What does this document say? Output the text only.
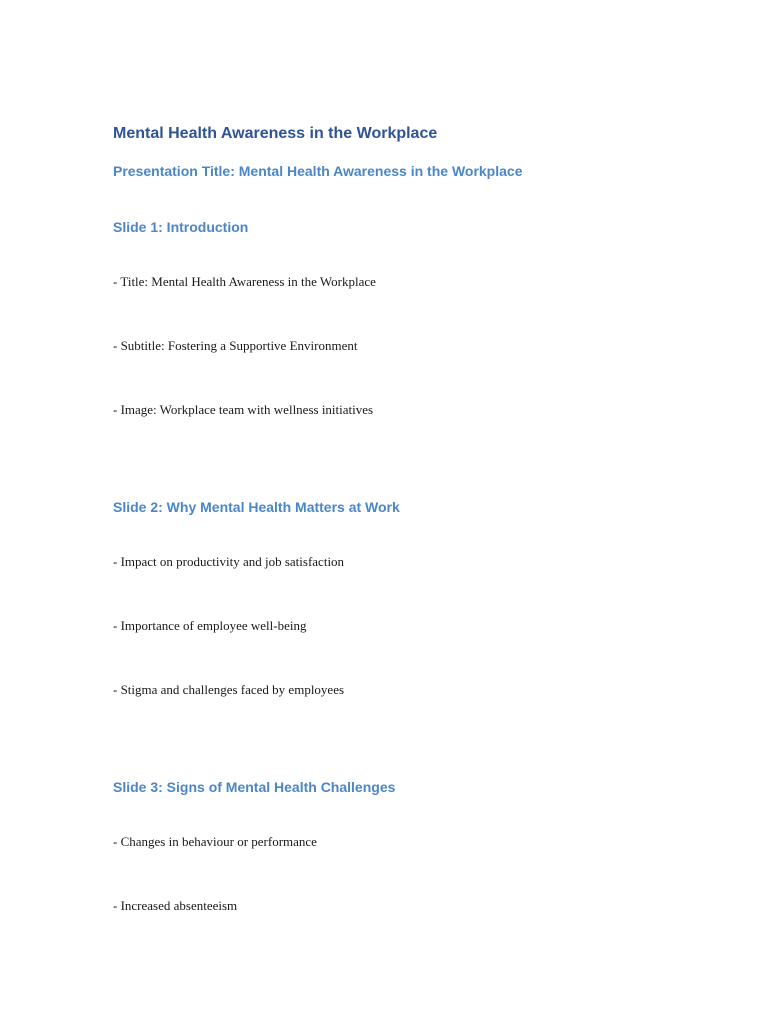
Mental Health Awareness in the Workplace
Presentation Title: Mental Health Awareness in the Workplace
Slide 1: Introduction
- Title: Mental Health Awareness in the Workplace
- Subtitle: Fostering a Supportive Environment
- Image: Workplace team with wellness initiatives
Slide 2: Why Mental Health Matters at Work
- Impact on productivity and job satisfaction
- Importance of employee well-being
- Stigma and challenges faced by employees
Slide 3: Signs of Mental Health Challenges
- Changes in behaviour or performance
- Increased absenteeism
